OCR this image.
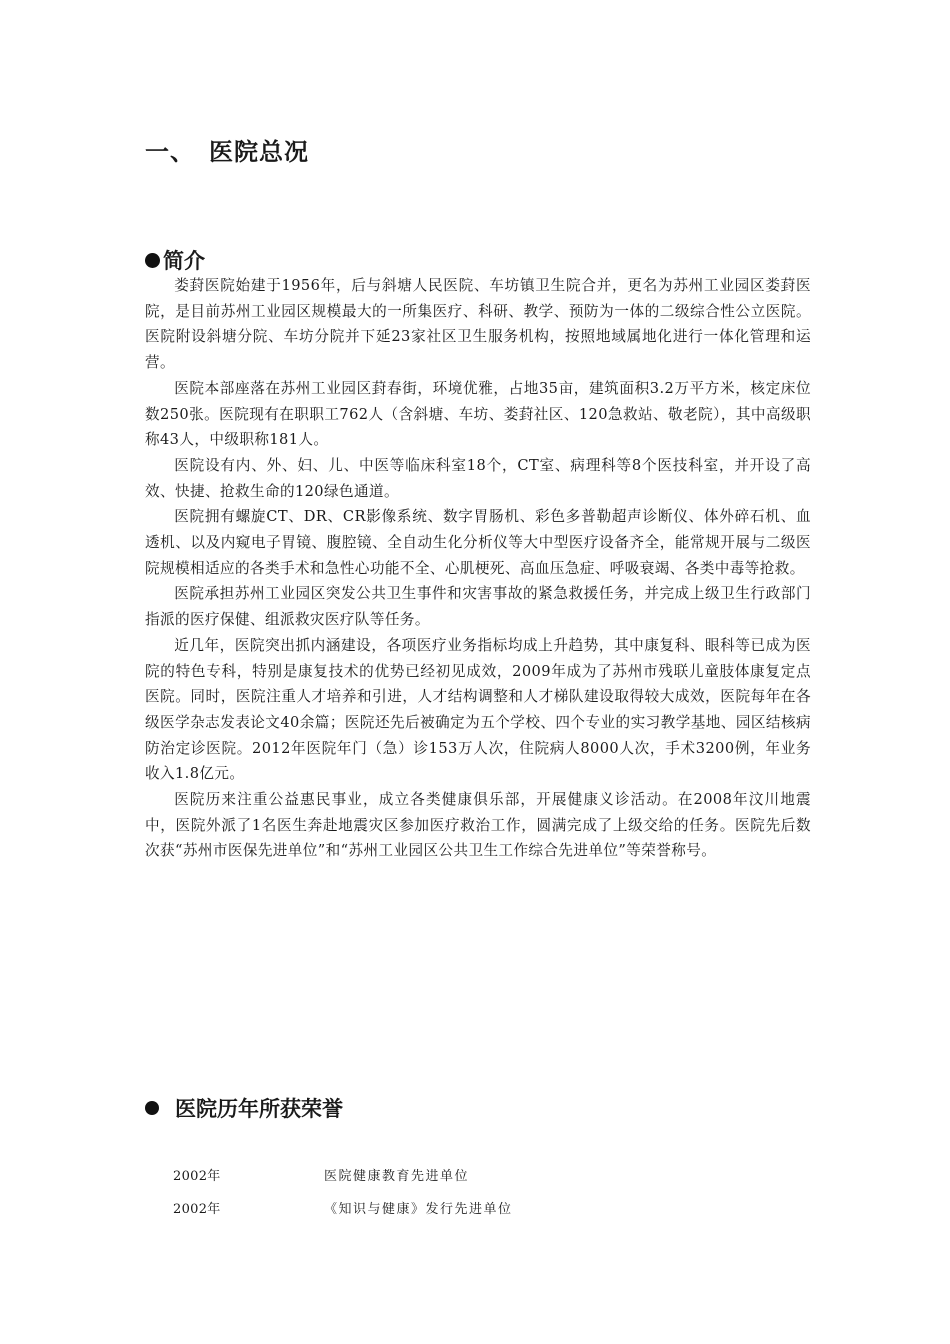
一、 医院总况
简介

娄葑医院始建于1956年，后与斜塘人民医院、车坊镇卫生院合并，更名为苏州工业园区娄葑医院，是目前苏州工业园区规模最大的一所集医疗、科研、教学、预防为一体的二级综合性公立医院。医院附设斜塘分院、车坊分院并下延23家社区卫生服务机构，按照地域属地化进行一体化管理和运营。

医院本部座落在苏州工业园区葑春街，环境优雅，占地35亩，建筑面积3.2万平方米，核定床位数250张。医院现有在职职工762人（含斜塘、车坊、娄葑社区、120急救站、敬老院），其中高级职称43人，中级职称181人。

医院设有内、外、妇、儿、中医等临床科室18个，CT室、病理科等8个医技科室，并开设了高效、快捷、抢救生命的120绿色通道。

医院拥有螺旋CT、DR、CR影像系统、数字胃肠机、彩色多普勒超声诊断仪、体外碎石机、血透机、以及内窥电子胃镜、腹腔镜、全自动生化分析仪等大中型医疗设备齐全，能常规开展与二级医院规模相适应的各类手术和急性心功能不全、心肌梗死、高血压急症、呼吸衰竭、各类中毒等抢救。

医院承担苏州工业园区突发公共卫生事件和灾害事故的紧急救援任务，并完成上级卫生行政部门指派的医疗保健、组派救灾医疗队等任务。

近几年，医院突出抓内涵建设，各项医疗业务指标均成上升趋势，其中康复科、眼科等已成为医院的特色专科，特别是康复技术的优势已经初见成效，2009年成为了苏州市残联儿童肢体康复定点医院。同时，医院注重人才培养和引进，人才结构调整和人才梯队建设取得较大成效，医院每年在各级医学杂志发表论文40余篇；医院还先后被确定为五个学校、四个专业的实习教学基地、园区结核病防治定诊医院。2012年医院年门（急）诊153万人次，住院病人8000人次，手术3200例，年业务收入1.8亿元。

医院历来注重公益惠民事业，成立各类健康俱乐部，开展健康义诊活动。在2008年汶川地震中，医院外派了1名医生奔赴地震灾区参加医疗救治工作，圆满完成了上级交给的任务。医院先后数次获“苏州市医保先进单位”和“苏州工业园区公共卫生工作综合先进单位”等荣誉称号。

医院历年所获荣誉
2002年	医院健康教育先进单位
2002年	《知识与健康》发行先进单位
